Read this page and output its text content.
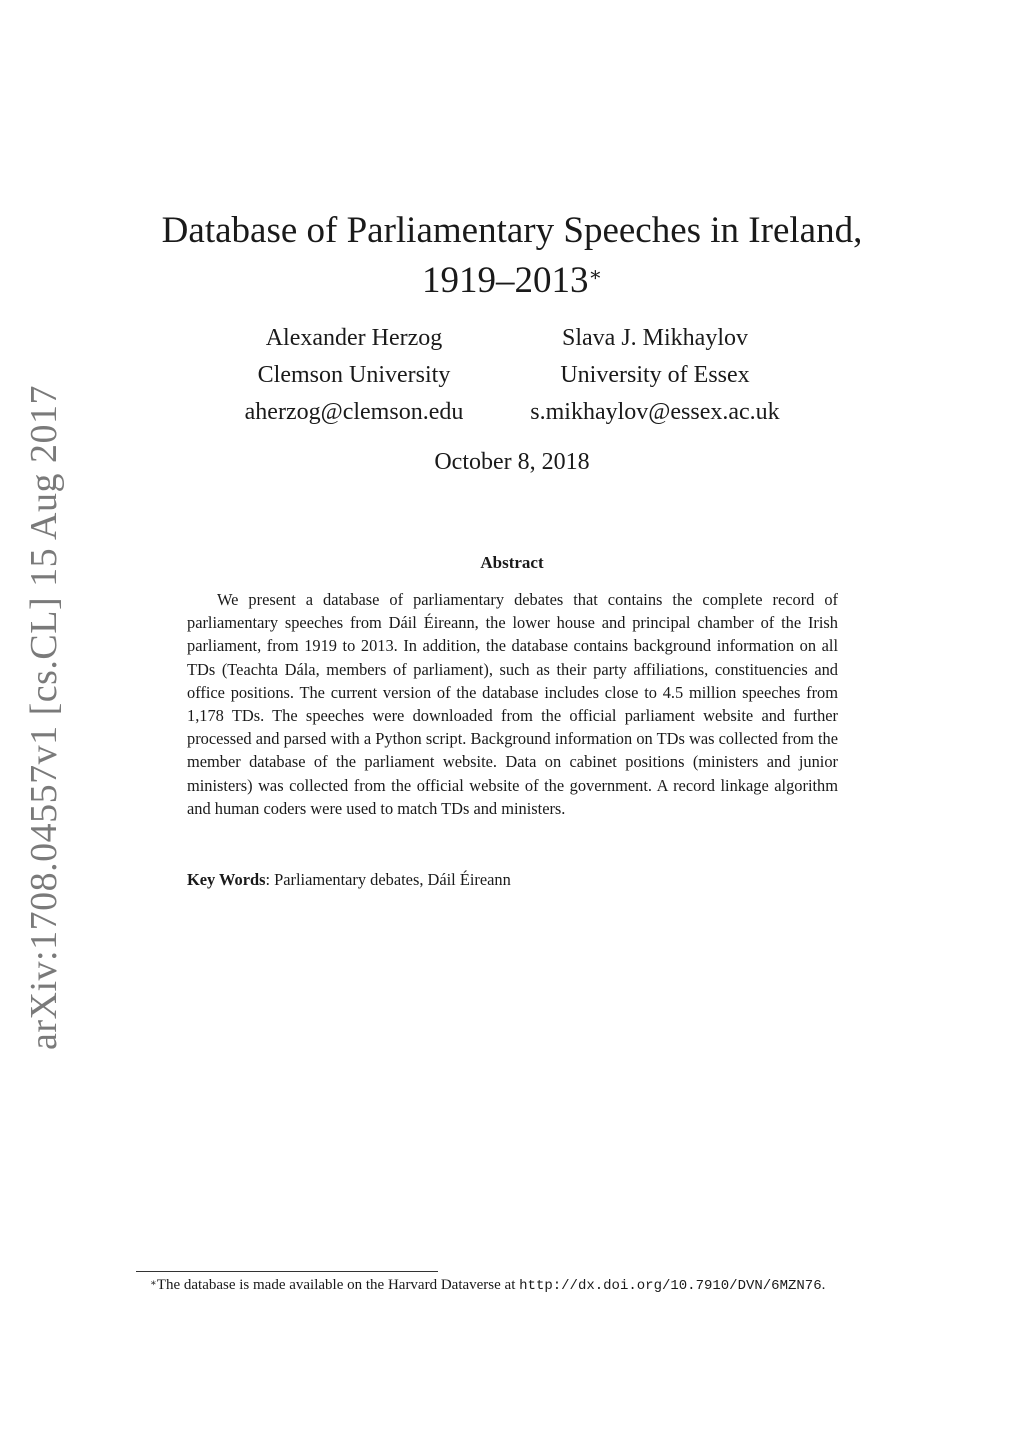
arXiv:1708.04557v1 [cs.CL] 15 Aug 2017
Database of Parliamentary Speeches in Ireland,
1919–2013∗
Alexander Herzog
Clemson University
aherzog@clemson.edu
Slava J. Mikhaylov
University of Essex
s.mikhaylov@essex.ac.uk
October 8, 2018
Abstract

We present a database of parliamentary debates that contains the complete record of parliamentary speeches from Dáil Éireann, the lower house and principal chamber of the Irish parliament, from 1919 to 2013. In addition, the database contains background information on all TDs (Teachta Dála, members of parliament), such as their party affiliations, constituencies and office positions. The current version of the database includes close to 4.5 million speeches from 1,178 TDs. The speeches were downloaded from the official parliament website and further processed and parsed with a Python script. Background information on TDs was collected from the member database of the parliament website. Data on cabinet positions (ministers and junior ministers) was collected from the official website of the government. A record linkage algorithm and human coders were used to match TDs and ministers.

Key Words: Parliamentary debates, Dáil Éireann
∗The database is made available on the Harvard Dataverse at http://dx.doi.org/10.7910/DVN/6MZN76.
